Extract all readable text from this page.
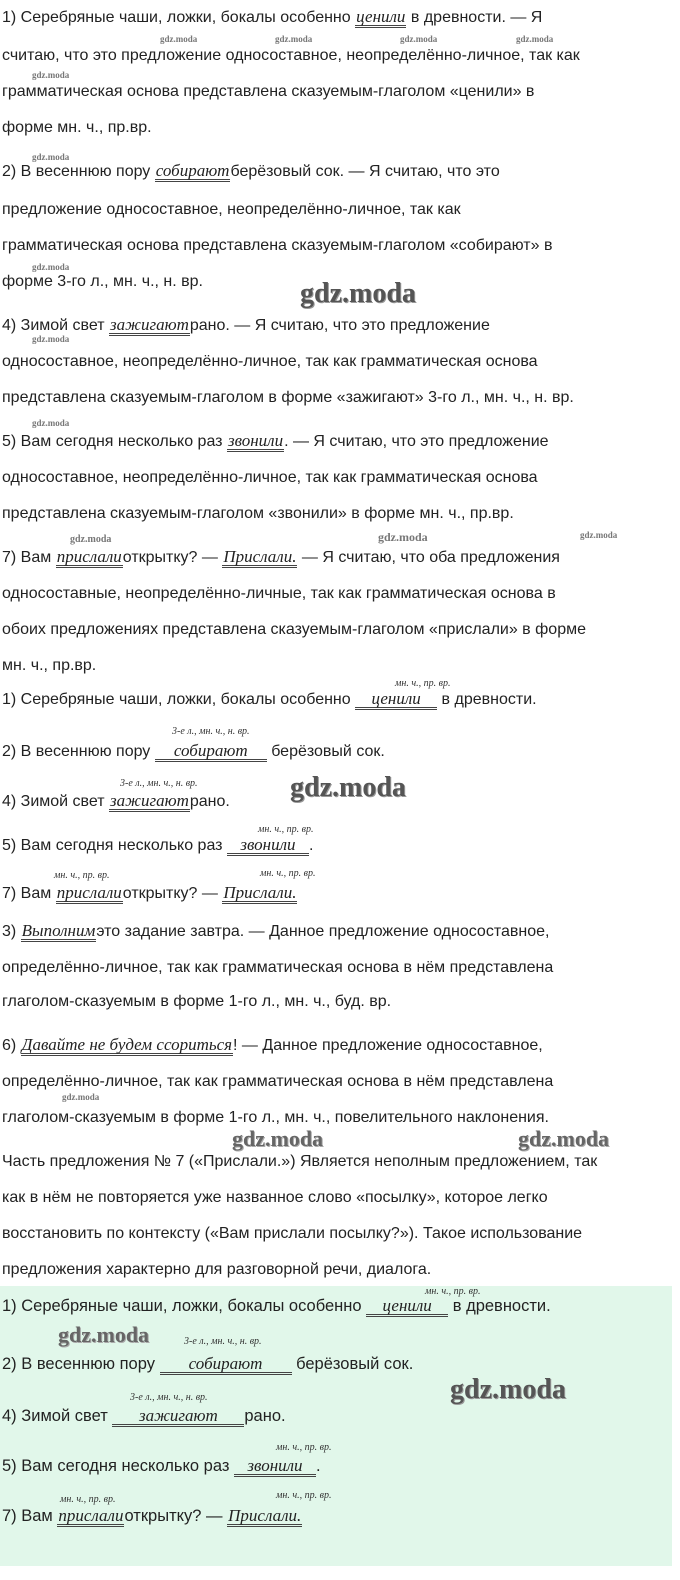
1) Серебряные чаши, ложки, бокалы особенно ценили в древности. — Я
считаю, что это предложение односоставное, неопределённо-личное, так как
грамматическая основа представлена сказуемым-глаголом «ценили» в
форме мн. ч., пр.вр.
2) В весеннюю пору собираютберёзовый сок. — Я считаю, что это
предложение односоставное, неопределённо-личное, так как
грамматическая основа представлена сказуемым-глаголом «собирают» в
форме 3-го л., мн. ч., н. вр.
4) Зимой свет зажигаютрано. — Я считаю, что это предложение
односоставное, неопределённо-личное, так как грамматическая основа
представлена сказуемым-глаголом в форме «зажигают» 3-го л., мн. ч., н. вр.
5) Вам сегодня несколько раз звонили. — Я считаю, что это предложение
односоставное, неопределённо-личное, так как грамматическая основа
представлена сказуемым-глаголом «звонили» в форме мн. ч., пр.вр.
7) Вам прислалиоткрытку? — Прислали. — Я считаю, что оба предложения
односоставные, неопределённо-личные, так как грамматическая основа в
обоих предложениях представлена сказуемым-глаголом «прислали» в форме
мн. ч., пр.вр.
мн. ч., пр. вр.
1) Серебряные чаши, ложки, бокалы особенно ценили в древности.
3-е л., мн. ч., н. вр.
2) В весеннюю пору собирают берёзовый сок.
3-е л., мн. ч., н. вр.
4) Зимой свет зажигаютрано.
мн. ч., пр. вр.
5) Вам сегодня несколько раз звонили .
мн. ч., пр. вр.	мн. ч., пр. вр.
7) Вам прислалиоткрытку? — Прислали.
3) Выполнимэто задание завтра. — Данное предложение односоставное,
определённо-личное, так как грамматическая основа в нём представлена
глаголом-сказуемым в форме 1-го л., мн. ч., буд. вр.
6) Давайте не будем ссориться! — Данное предложение односоставное,
определённо-личное, так как грамматическая основа в нём представлена
глаголом-сказуемым в форме 1-го л., мн. ч., повелительного наклонения.
Часть предложения № 7 («Прислали.») Является неполным предложением, так
как в нём не повторяется уже названное слово «посылку», которое легко
восстановить по контексту («Вам прислали посылку?»). Такое использование
предложения характерно для разговорной речи, диалога.
мн. ч., пр. вр.
1) Серебряные чаши, ложки, бокалы особенно ценили в древности.
3-е л., мн. ч., н. вр.
2) В весеннюю пору собирают берёзовый сок.
3-е л., мн. ч., н. вр.
4) Зимой свет зажигают рано.
мн. ч., пр. вр.
5) Вам сегодня несколько раз звонили .
мн. ч., пр. вр.	мн. ч., пр. вр.
7) Вам прислалиоткрытку? — Прислали.
gdz.moda	gdz.moda	gdz.moda	gdz.moda
gdz.moda
gdz.moda
gdz.moda
gdz.moda
gdz.moda
gdz.moda
gdz.moda	gdz.moda	gdz.moda
gdz.moda
gdz.moda
gdz.moda	gdz.moda
gdz.moda
gdz.moda
